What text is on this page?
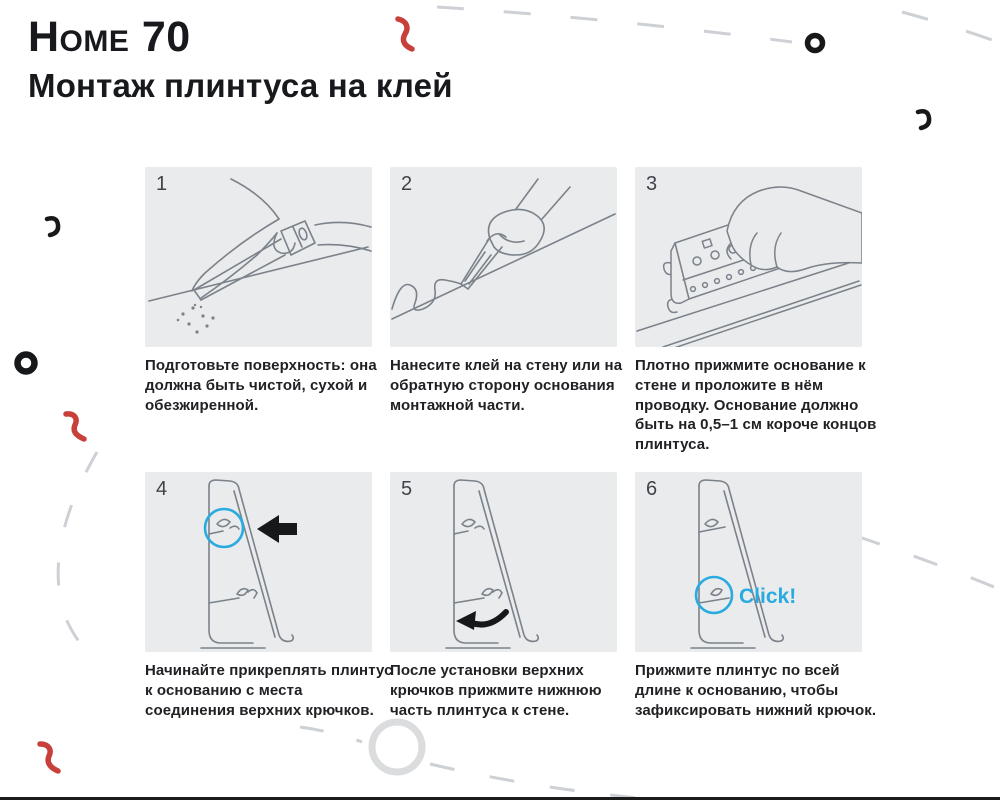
Home 70
Монтаж плинтуса на клей
1

Подготовьте поверхность: она должна быть чистой, сухой и обезжиренной.

2

Нанесите клей на стену или на обратную сторону основания монтажной части.

3

Плотно прижмите основание к стене и проложите в нём проводку. Основание должно быть на 0,5–1 см короче концов плинтуса.

4

Начинайте прикреплять плинтус к основанию с места соединения верхних крючков.

5

После установки верхних крючков прижмите нижнюю часть плинтуса к стене.

6
Click!

Прижмите плинтус по всей длине к основанию, чтобы зафиксировать нижний крючок.
